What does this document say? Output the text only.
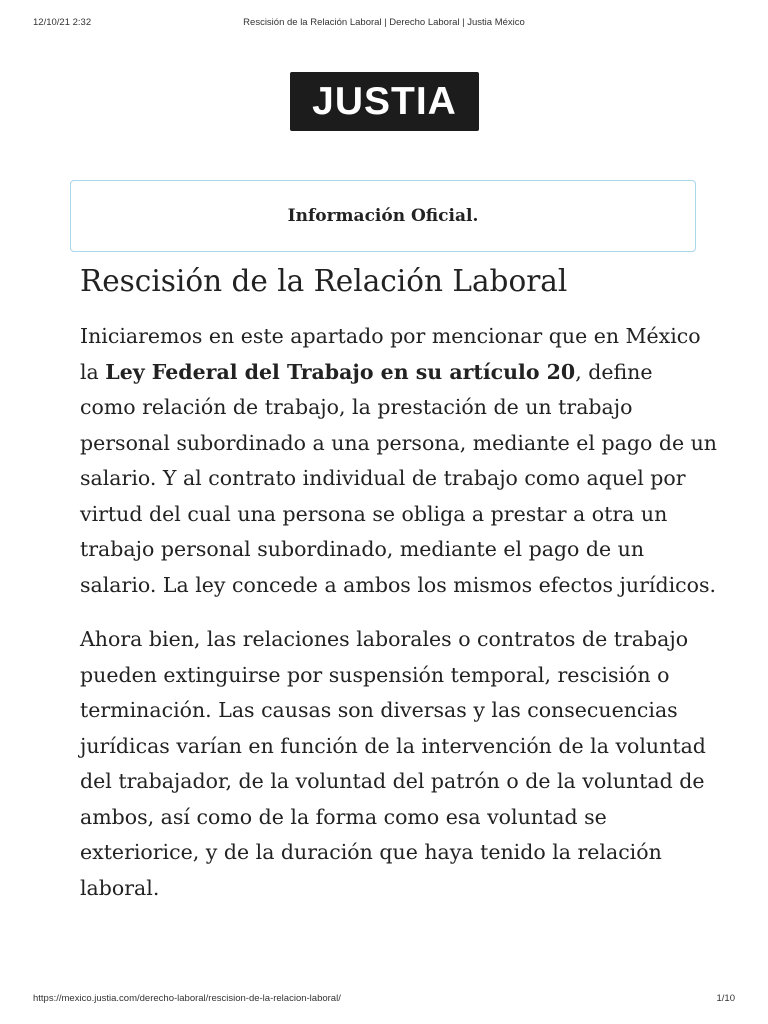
12/10/21 2:32	Rescisión de la Relación Laboral | Derecho Laboral | Justia México
JUSTIA
Información Oficial.
Rescisión de la Relación Laboral

Iniciaremos en este apartado por mencionar que en México
la Ley Federal del Trabajo en su artículo 20, define
como relación de trabajo, la prestación de un trabajo
personal subordinado a una persona, mediante el pago de un
salario. Y al contrato individual de trabajo como aquel por
virtud del cual una persona se obliga a prestar a otra un
trabajo personal subordinado, mediante el pago de un
salario. La ley concede a ambos los mismos efectos jurídicos.

Ahora bien, las relaciones laborales o contratos de trabajo
pueden extinguirse por suspensión temporal, rescisión o
terminación. Las causas son diversas y las consecuencias
jurídicas varían en función de la intervención de la voluntad
del trabajador, de la voluntad del patrón o de la voluntad de
ambos, así como de la forma como esa voluntad se
exteriorice, y de la duración que haya tenido la relación
laboral.

https://mexico.justia.com/derecho-laboral/rescision-de-la-relacion-laboral/	1/10
